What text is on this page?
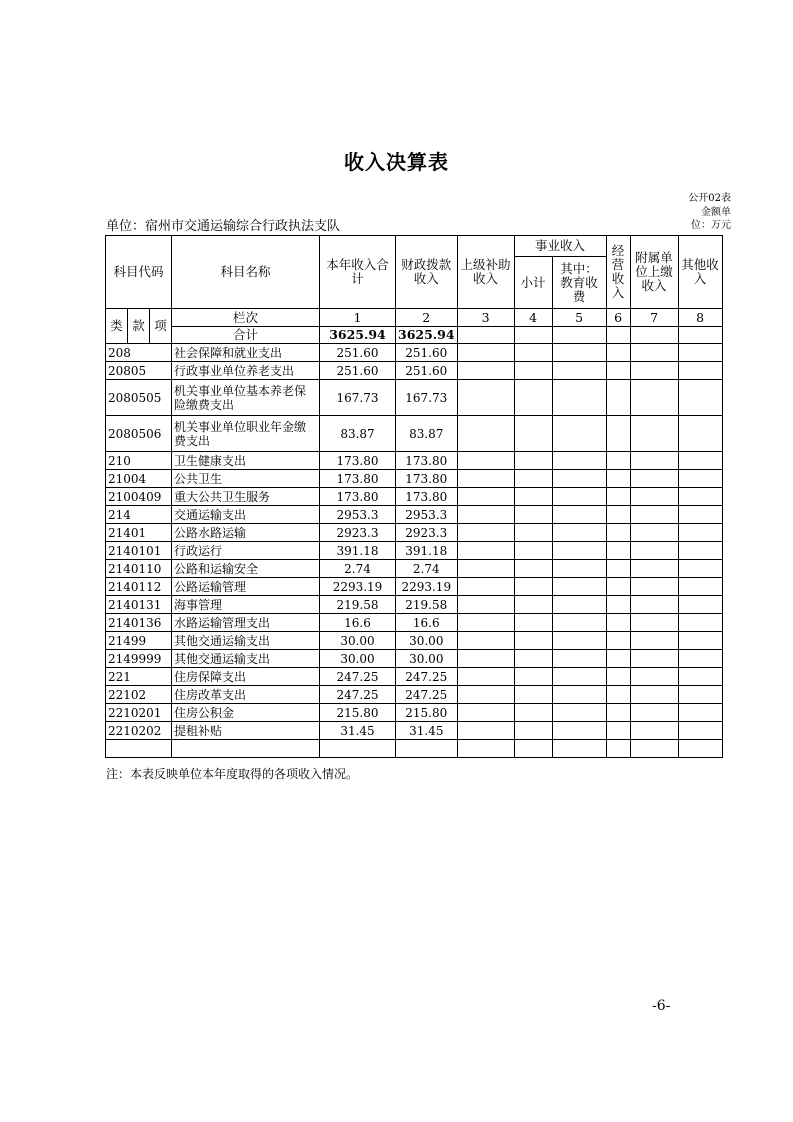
收入决算表
公开02表
金额单
位：万元
单位：宿州市交通运输综合行政执法支队
科目代码			科目名称	本年收入合计	财政拨款收入	上级补助收入	事业收入		经营收入	附属单位上缴收入	其他收入
							小计	其中：教育收费			
类	款	项	栏次	1	2	3	4	5	6	7	8
			合计	3625.94	3625.94						
208			社会保障和就业支出	251.60	251.60						
20805			行政事业单位养老支出	251.60	251.60						
2080505			机关事业单位基本养老保险缴费支出	167.73	167.73						
2080506			机关事业单位职业年金缴费支出	83.87	83.87						
210			卫生健康支出	173.80	173.80						
21004			公共卫生	173.80	173.80						
2100409			重大公共卫生服务	173.80	173.80						
214			交通运输支出	2953.3	2953.3						
21401			公路水路运输	2923.3	2923.3						
2140101			行政运行	391.18	391.18						
2140110			公路和运输安全	2.74	2.74						
2140112			公路运输管理	2293.19	2293.19						
2140131			海事管理	219.58	219.58						
2140136			水路运输管理支出	16.6	16.6						
21499			其他交通运输支出	30.00	30.00						
2149999			其他交通运输支出	30.00	30.00						
221			住房保障支出	247.25	247.25						
22102			住房改革支出	247.25	247.25						
2210201			住房公积金	215.80	215.80						
2210202			提租补贴	31.45	31.45						

注：本表反映单位本年度取得的各项收入情况。
-6-
